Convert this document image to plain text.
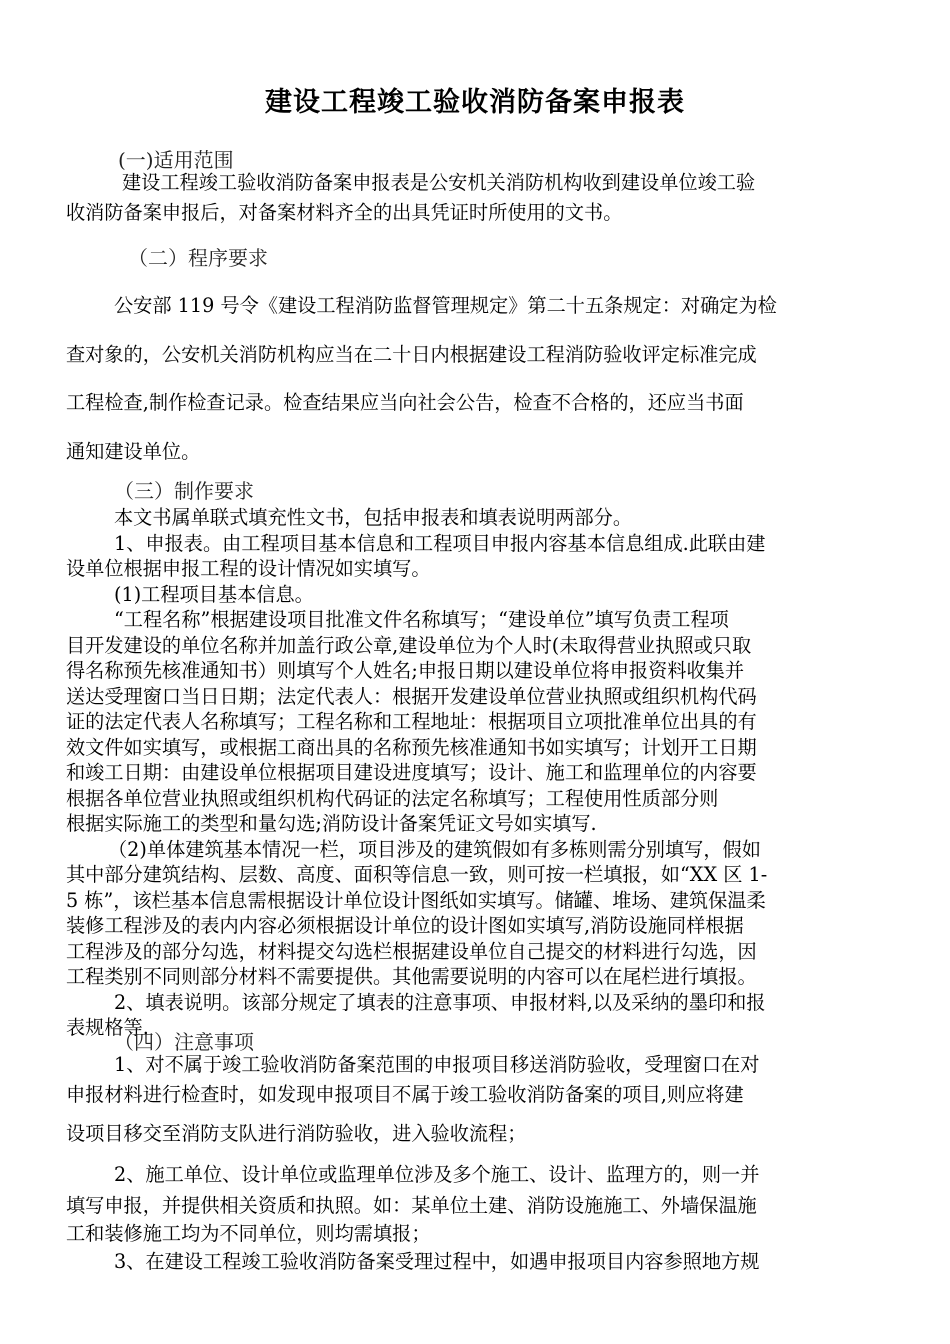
建设工程竣工验收消防备案申报表
(一)适用范围
建设工程竣工验收消防备案申报表是公安机关消防机构收到建设单位竣工验
收消防备案申报后，对备案材料齐全的出具凭证时所使用的文书。
（二）程序要求
公安部 119 号令《建设工程消防监督管理规定》第二十五条规定：对确定为检
查对象的，公安机关消防机构应当在二十日内根据建设工程消防验收评定标准完成
工程检查,制作检查记录。检查结果应当向社会公告，检查不合格的，还应当书面
通知建设单位。
（三）制作要求
本文书属单联式填充性文书，包括申报表和填表说明两部分。
1、申报表。由工程项目基本信息和工程项目申报内容基本信息组成.此联由建
设单位根据申报工程的设计情况如实填写。
(1)工程项目基本信息。
“工程名称”根据建设项目批准文件名称填写；“建设单位”填写负责工程项
目开发建设的单位名称并加盖行政公章,建设单位为个人时(未取得营业执照或只取
得名称预先核准通知书）则填写个人姓名;申报日期以建设单位将申报资料收集并
送达受理窗口当日日期；法定代表人：根据开发建设单位营业执照或组织机构代码
证的法定代表人名称填写；工程名称和工程地址：根据项目立项批准单位出具的有
效文件如实填写，或根据工商出具的名称预先核准通知书如实填写；计划开工日期
和竣工日期：由建设单位根据项目建设进度填写；设计、施工和监理单位的内容要
根据各单位营业执照或组织机构代码证的法定名称填写；工程使用性质部分则
根据实际施工的类型和量勾选;消防设计备案凭证文号如实填写.
（2)单体建筑基本情况一栏，项目涉及的建筑假如有多栋则需分别填写，假如
其中部分建筑结构、层数、高度、面积等信息一致，则可按一栏填报，如“XX 区 1-
5 栋”，该栏基本信息需根据设计单位设计图纸如实填写。储罐、堆场、建筑保温柔
装修工程涉及的表内内容必须根据设计单位的设计图如实填写,消防设施同样根据
工程涉及的部分勾选，材料提交勾选栏根据建设单位自己提交的材料进行勾选，因
工程类别不同则部分材料不需要提供。其他需要说明的内容可以在尾栏进行填报。
2、填表说明。该部分规定了填表的注意事项、申报材料,以及采纳的墨印和报
表规格等.
（四）注意事项
1、对不属于竣工验收消防备案范围的申报项目移送消防验收，受理窗口在对
申报材料进行检查时，如发现申报项目不属于竣工验收消防备案的项目,则应将建
设项目移交至消防支队进行消防验收，进入验收流程；
2、施工单位、设计单位或监理单位涉及多个施工、设计、监理方的，则一并
填写申报，并提供相关资质和执照。如：某单位土建、消防设施施工、外墙保温施
工和装修施工均为不同单位，则均需填报；
3、在建设工程竣工验收消防备案受理过程中，如遇申报项目内容参照地方规
